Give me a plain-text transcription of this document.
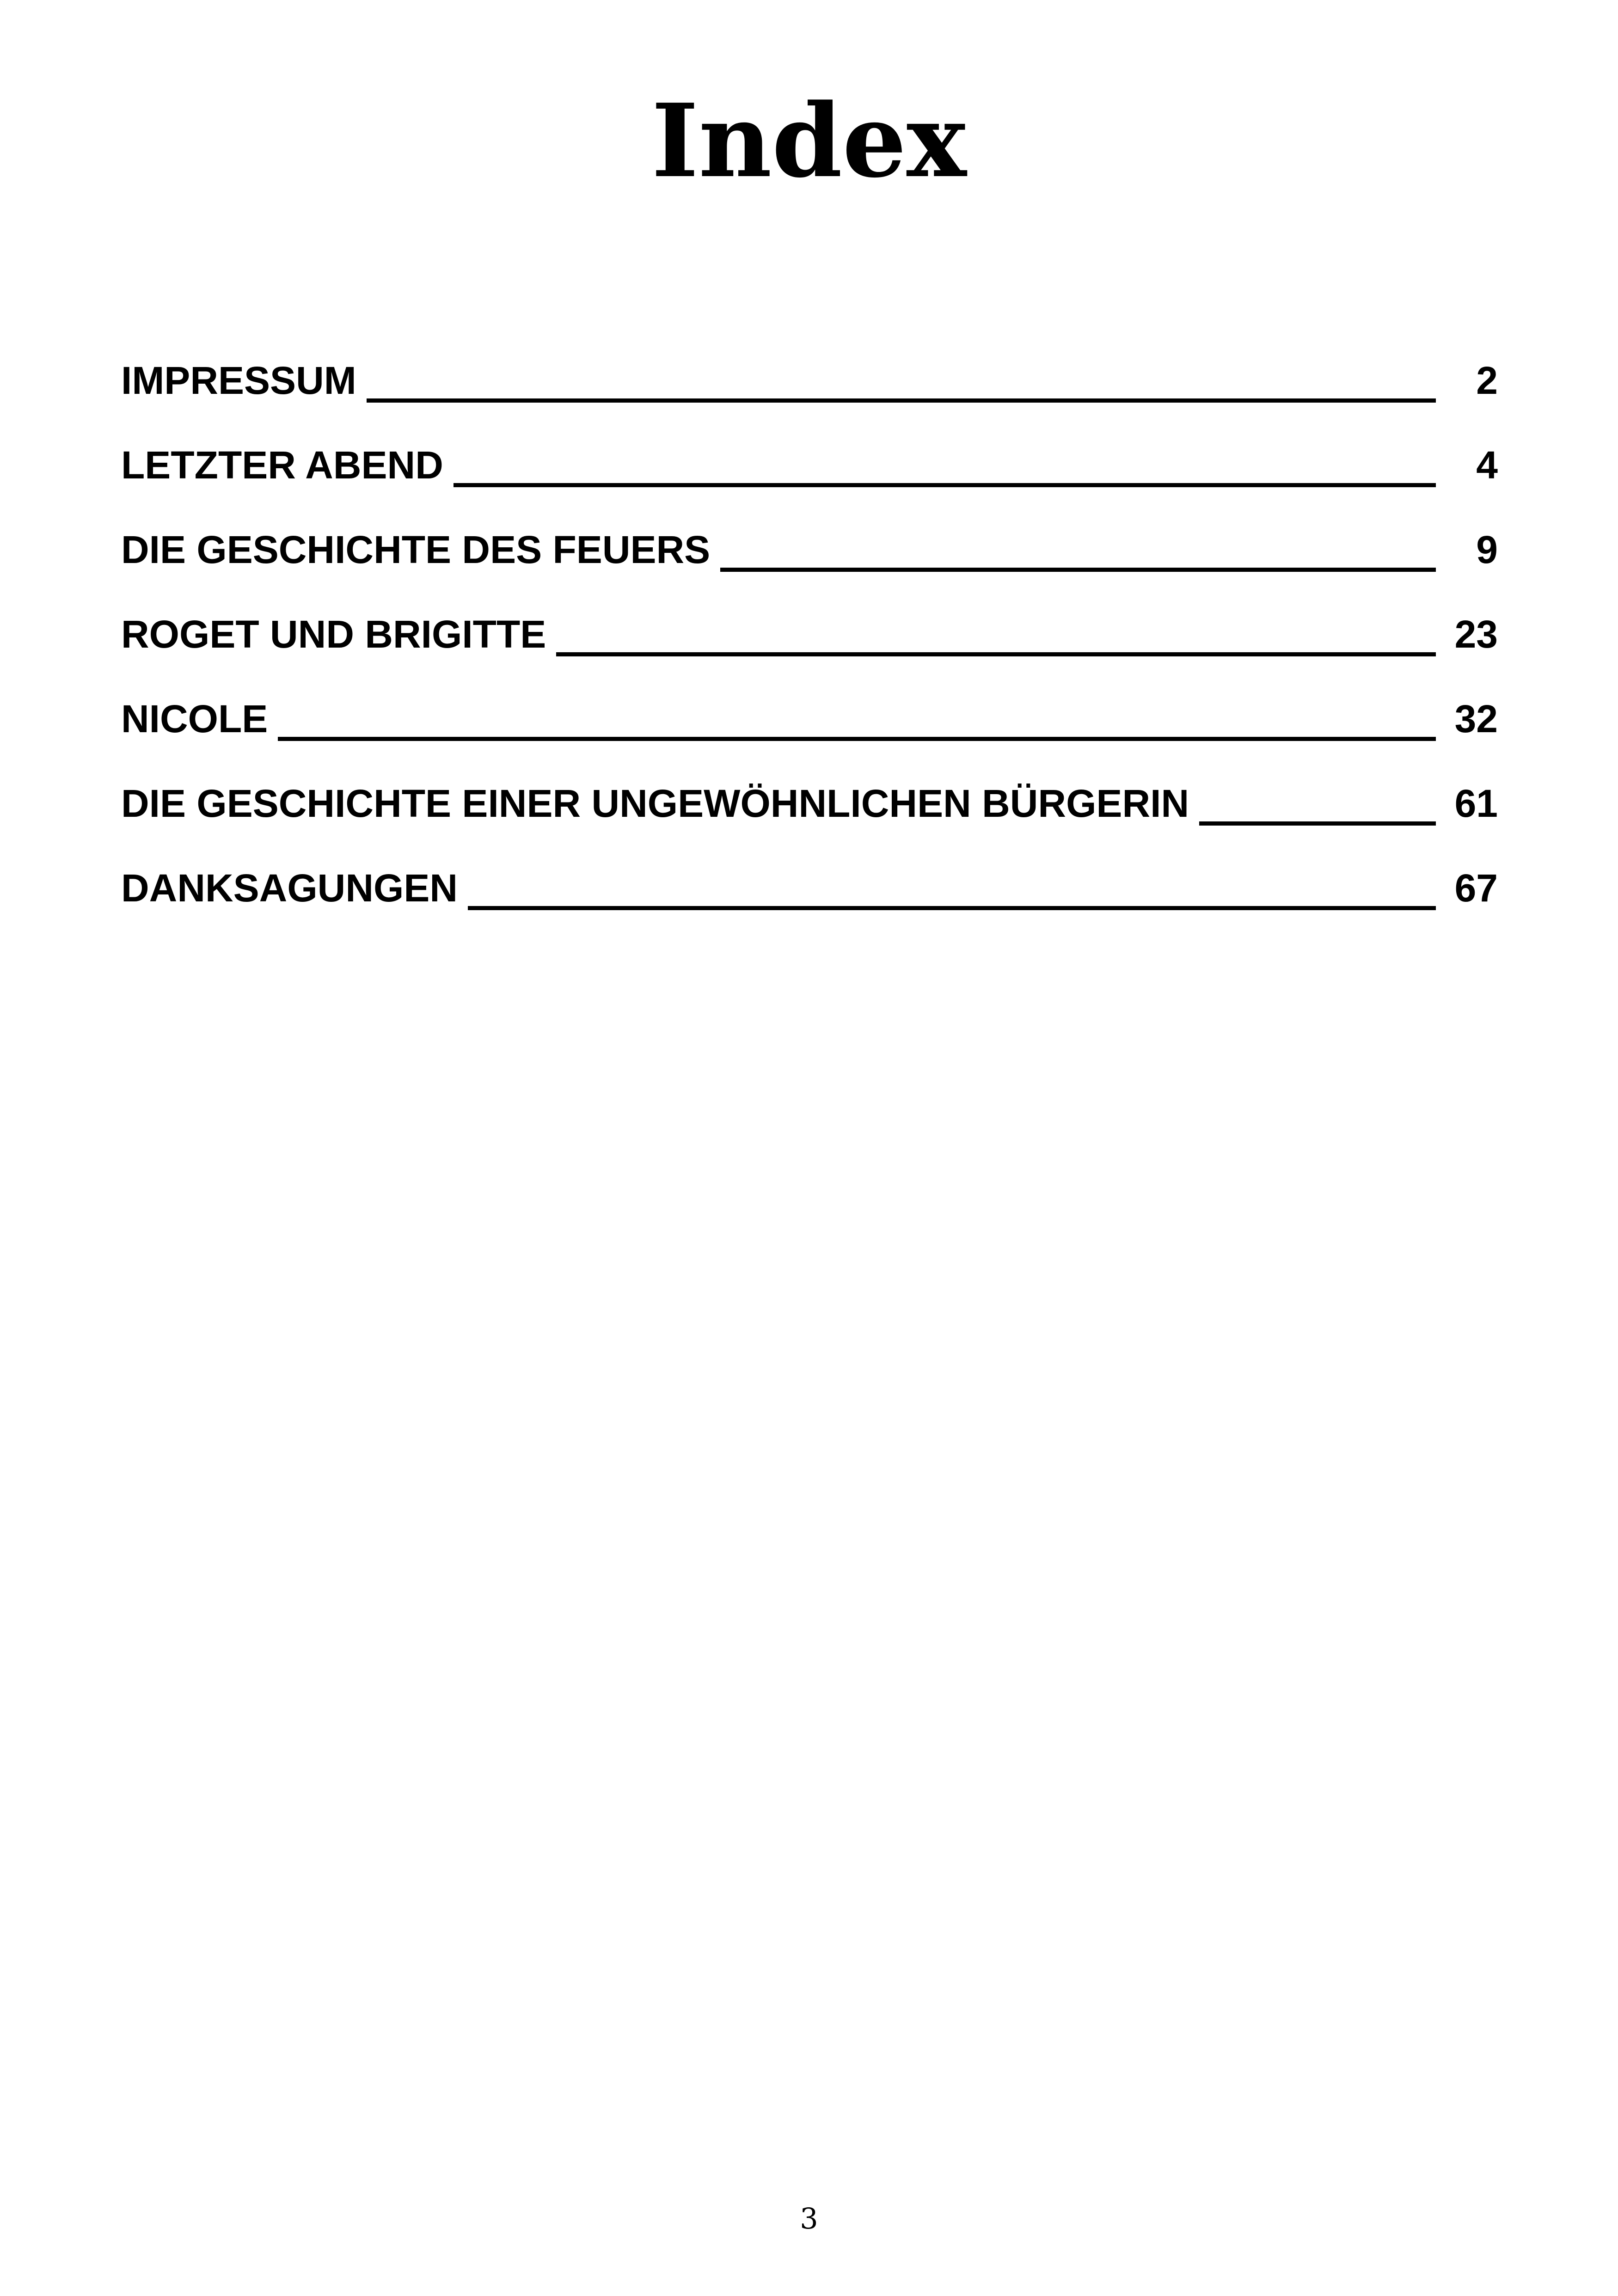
Index
IMPRESSUM	2
LETZTER ABEND	4
DIE GESCHICHTE DES FEUERS	9
ROGET UND BRIGITTE	23
NICOLE	32
DIE GESCHICHTE EINER UNGEWÖHNLICHEN BÜRGERIN	61
DANKSAGUNGEN	67
3
